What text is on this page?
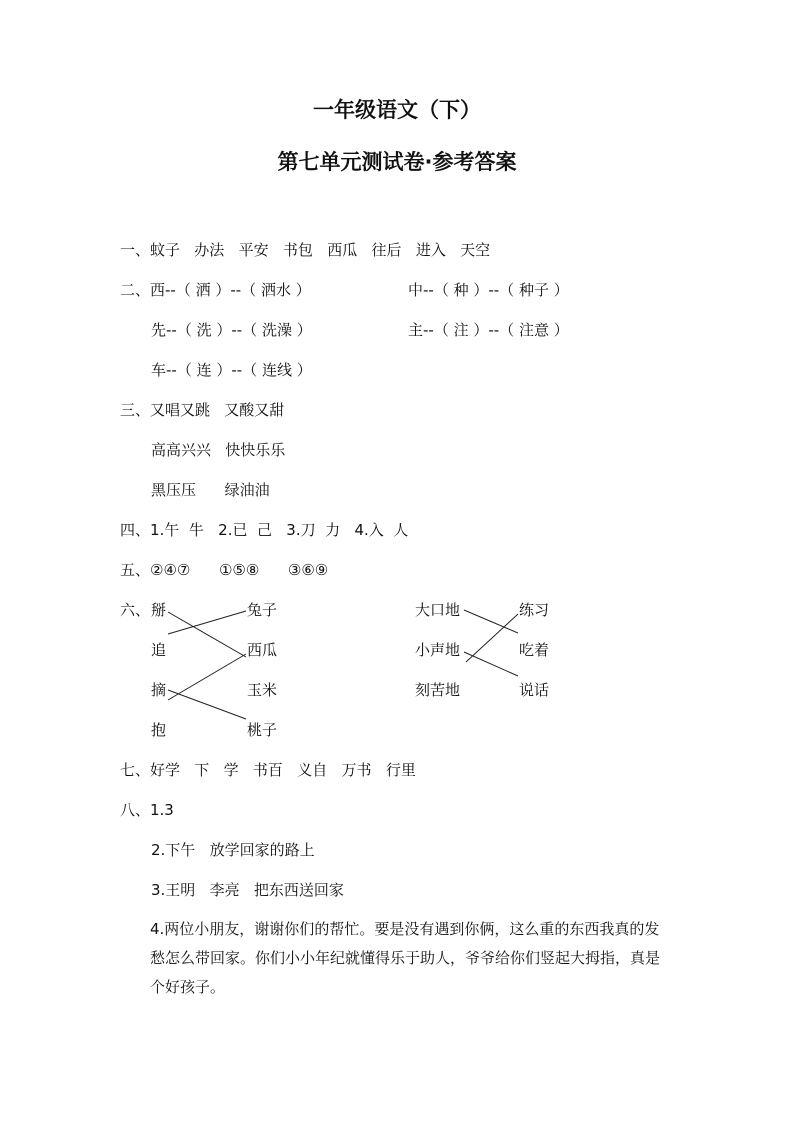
一年级语文（下）
第七单元测试卷·参考答案
一、蚊子   办法   平安   书包   西瓜   往后   进入   天空
二、西--（ 洒 ）--（ 洒水 ）	中--（ 种 ）--（ 种子 ）
先--（ 洗 ）--（ 洗澡 ）	主--（ 注 ）--（ 注意 ）
车--（ 连 ）--（ 连线 ）
三、又唱又跳   又酸又甜
高高兴兴   快快乐乐
黑压压      绿油油
四、1.午  牛   2.已  己   3.刀  力   4.入  人
五、②④⑦      ①⑤⑧      ③⑥⑨
六、 掰
追
摘
抱
兔子
西瓜
玉米
桃子
大口地
小声地
刻苦地
练习
吃着
说话
七、好学   下   学   书百   义自   万书   行里
八、1.3
2.下午   放学回家的路上
3.王明   李亮   把东西送回家
4.两位小朋友，谢谢你们的帮忙。要是没有遇到你俩，这么重的东西我真的发愁怎么带回家。你们小小年纪就懂得乐于助人，爷爷给你们竖起大拇指，真是个好孩子。
